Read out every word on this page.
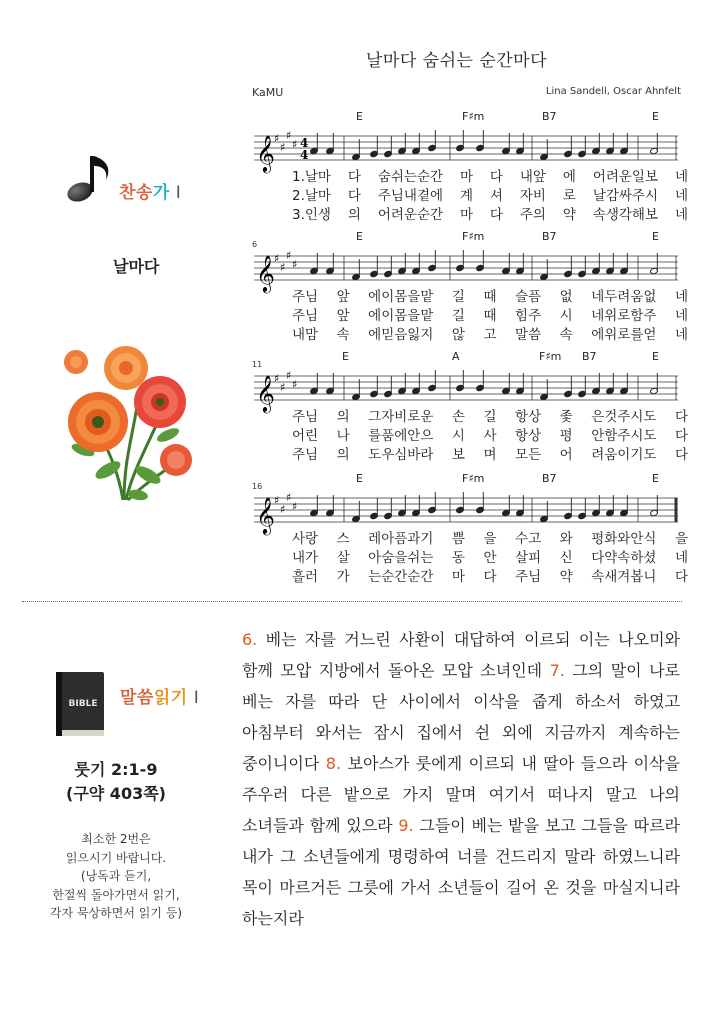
날마다 숨쉬는 순간마다
KaMU	Lina Sandell, Oscar Ahnfelt
찬송가 I
날마다
E	F♯m	B7	E
𝄞 ♯
♯
♯
♯ 4
4
1.날마 다 숨쉬는순간 마 다 내앞 에 어려운일보 네
2.날마 다 주님내곁에 계 셔 자비 로 날감싸주시 네
3.인생 의 어려운순간 마 다 주의 약 속생각해보 네
E	F♯m	B7	E
6
𝄞 ♯
♯
♯
♯
주님 앞 에이몸을맡 길 때 슬픔 없 네두려움없 네
주님 앞 에이몸을맡 길 때 힘주 시 네위로함주 네
내맘 속 에믿음잃지 않 고 말씀 속 에위로를얻 네
E	A	F♯m B7	E
11
𝄞 ♯
♯
♯
♯
주님 의 그자비로운 손 길 항상 좇 은것주시도 다
어린 나 를품에안으 시 사 항상 평 안함주시도 다
주님 의 도우심바라 보 며 모든 어 려움이기도 다
E	F♯m	B7	E
16
𝄞 ♯
♯
♯
♯
사랑 스 레아픔과기 쁨 을 수고 와 평화와안식 을
내가 살 아숨을쉬는 동 안 살피 신 다약속하셨 네
흘러 가 는순간순간 마 다 주님 약 속새겨봅니 다
BIBLE 말씀읽기 I
룻기 2:1-9
(구약 403쪽)
최소한 2번은
읽으시기 바랍니다.
(낭독과 듣기,
한절씩 돌아가면서 읽기,
각자 묵상하면서 읽기 등)
6. 베는 자를 거느린 사환이 대답하여 이르되 이는 나오미와 함께 모압 지방에서 돌아온 모압 소녀인데 7. 그의 말이 나로 베는 자를 따라 단 사이에서 이삭을 줍게 하소서 하였고 아침부터 와서는 잠시 집에서 쉰 외에 지금까지 계속하는 중이니이다 8. 보아스가 룻에게 이르되 내 딸아 들으라 이삭을 주우러 다른 밭으로 가지 말며 여기서 떠나지 말고 나의 소녀들과 함께 있으라 9. 그들이 베는 밭을 보고 그들을 따르라 내가 그 소년들에게 명령하여 너를 건드리지 말라 하였느니라 목이 마르거든 그릇에 가서 소년들이 길어 온 것을 마실지니라 하는지라
